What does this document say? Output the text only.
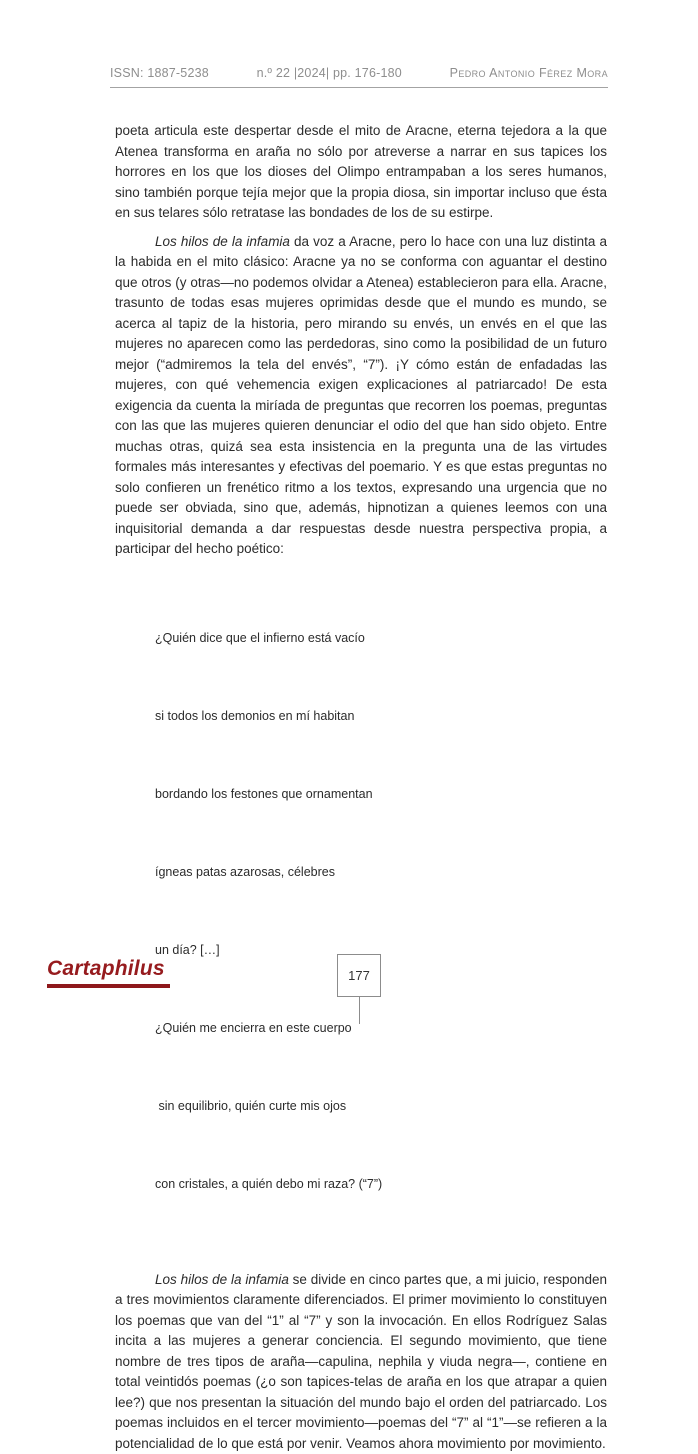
ISSN: 1887-5238	n.º 22 |2024| pp. 176-180	Pedro Antonio Férez Mora

poeta articula este despertar desde el mito de Aracne, eterna tejedora a la que Atenea transforma en araña no sólo por atreverse a narrar en sus tapices los horrores en los que los dioses del Olimpo entrampaban a los seres humanos, sino también porque tejía mejor que la propia diosa, sin importar incluso que ésta en sus telares sólo retratase las bondades de los de su estirpe.

Los hilos de la infamia da voz a Aracne, pero lo hace con una luz distinta a la habida en el mito clásico: Aracne ya no se conforma con aguantar el destino que otros (y otras—no podemos olvidar a Atenea) establecieron para ella. Aracne, trasunto de todas esas mujeres oprimidas desde que el mundo es mundo, se acerca al tapiz de la historia, pero mirando su envés, un envés en el que las mujeres no aparecen como las perdedoras, sino como la posibilidad de un futuro mejor (“admiremos la tela del envés”, “7”). ¡Y cómo están de enfadadas las mujeres, con qué vehemencia exigen explicaciones al patriarcado! De esta exigencia da cuenta la miríada de preguntas que recorren los poemas, preguntas con las que las mujeres quieren denunciar el odio del que han sido objeto. Entre muchas otras, quizá sea esta insistencia en la pregunta una de las virtudes formales más interesantes y efectivas del poemario. Y es que estas preguntas no solo confieren un frenético ritmo a los textos, expresando una urgencia que no puede ser obviada, sino que, además, hipnotizan a quienes leemos con una inquisitorial demanda a dar respuestas desde nuestra perspectiva propia, a participar del hecho poético:

¿Quién dice que el infierno está vacío

si todos los demonios en mí habitan

bordando los festones que ornamentan

ígneas patas azarosas, célebres

un día? […]

¿Quién me encierra en este cuerpo

sin equilibrio, quién curte mis ojos

con cristales, a quién debo mi raza? (“7”)

Los hilos de la infamia se divide en cinco partes que, a mi juicio, responden a tres movimientos claramente diferenciados. El primer movimiento lo constituyen los poemas que van del “1” al “7” y son la invocación. En ellos Rodríguez Salas incita a las mujeres a generar conciencia. El segundo movimiento, que tiene nombre de tres tipos de araña—capulina, nephila y viuda negra—, contiene en total veintidós poemas (¿o son tapices-telas de araña en los que atrapar a quien lee?) que nos presentan la situación del mundo bajo el orden del patriarcado. Los poemas incluidos en el tercer movimiento—poemas del “7” al “1”—se refieren a la potencialidad de lo que está por venir. Veamos ahora movimiento por movimiento.

Cartaphilus	177
